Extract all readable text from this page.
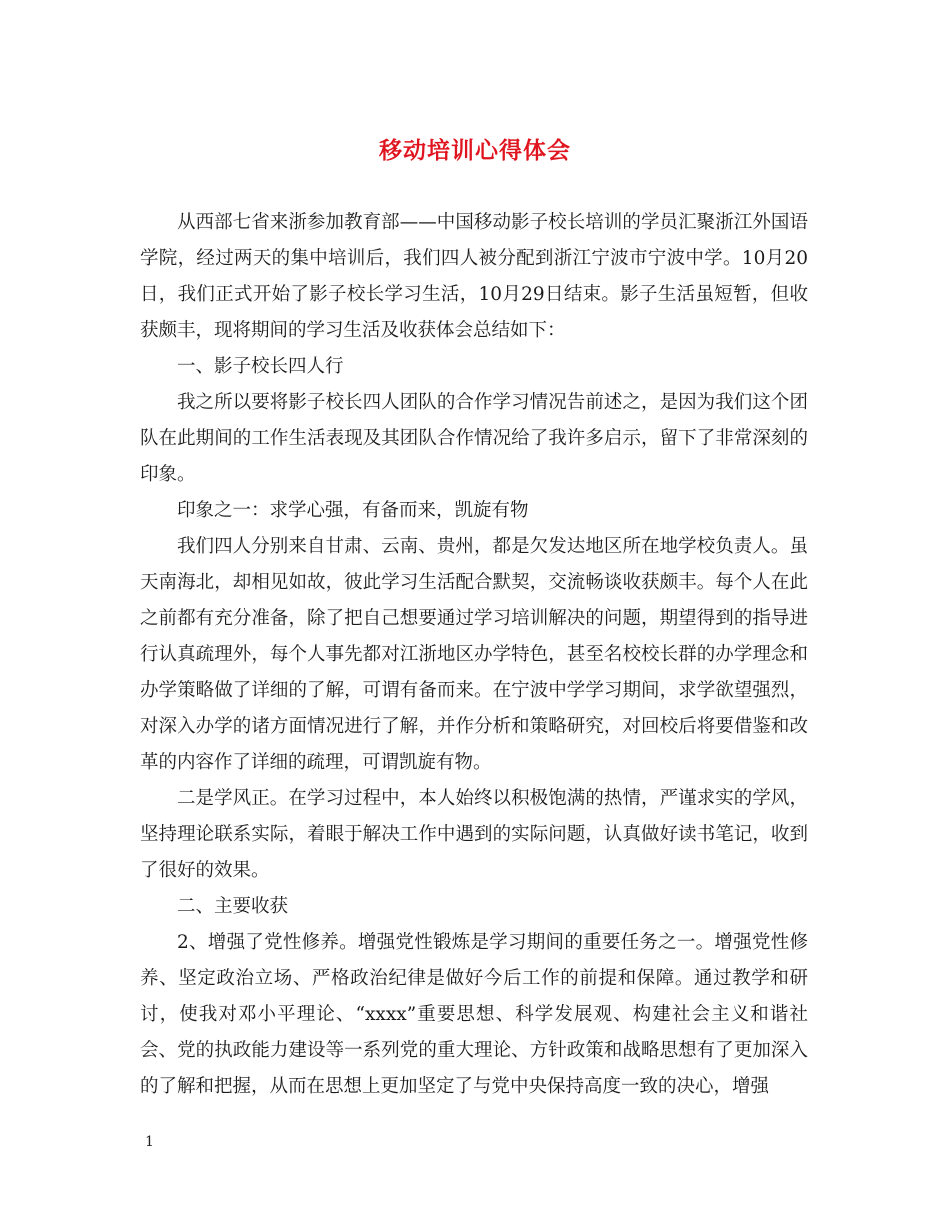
移动培训心得体会

从西部七省来浙参加教育部——中国移动影子校长培训的学员汇聚浙江外国语学院，经过两天的集中培训后，我们四人被分配到浙江宁波市宁波中学。10月20日，我们正式开始了影子校长学习生活，10月29日结束。影子生活虽短暂，但收获颇丰，现将期间的学习生活及收获体会总结如下：

一、影子校长四人行

我之所以要将影子校长四人团队的合作学习情况告前述之，是因为我们这个团队在此期间的工作生活表现及其团队合作情况给了我许多启示，留下了非常深刻的印象。

印象之一：求学心强，有备而来，凯旋有物

我们四人分别来自甘肃、云南、贵州，都是欠发达地区所在地学校负责人。虽天南海北，却相见如故，彼此学习生活配合默契，交流畅谈收获颇丰。每个人在此之前都有充分准备，除了把自己想要通过学习培训解决的问题，期望得到的指导进行认真疏理外，每个人事先都对江浙地区办学特色，甚至名校校长群的办学理念和办学策略做了详细的了解，可谓有备而来。在宁波中学学习期间，求学欲望强烈，对深入办学的诸方面情况进行了解，并作分析和策略研究，对回校后将要借鉴和改革的内容作了详细的疏理，可谓凯旋有物。

二是学风正。在学习过程中，本人始终以积极饱满的热情，严谨求实的学风，坚持理论联系实际，着眼于解决工作中遇到的实际问题，认真做好读书笔记，收到了很好的效果。

二、主要收获

2、增强了党性修养。增强党性锻炼是学习期间的重要任务之一。增强党性修养、坚定政治立场、严格政治纪律是做好今后工作的前提和保障。通过教学和研讨，使我对邓小平理论、“xxxx”重要思想、科学发展观、构建社会主义和谐社会、党的执政能力建设等一系列党的重大理论、方针政策和战略思想有了更加深入的了解和把握，从而在思想上更加坚定了与党中央保持高度一致的决心，增强

1
